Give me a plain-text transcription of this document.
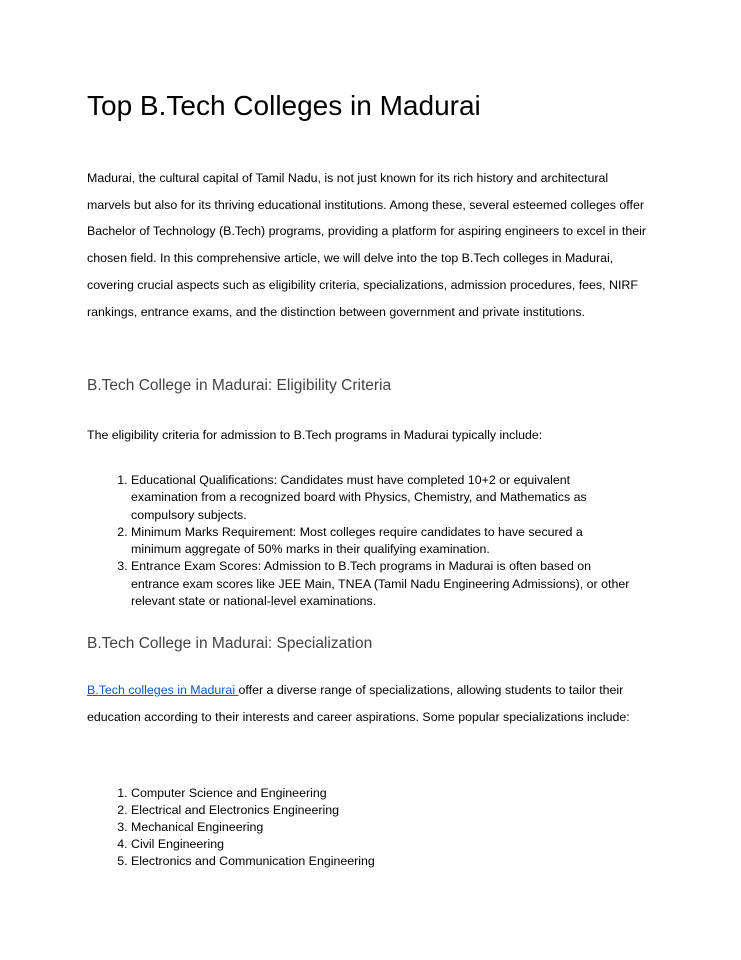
Top B.Tech Colleges in Madurai

Madurai, the cultural capital of Tamil Nadu, is not just known for its rich history and architectural marvels but also for its thriving educational institutions. Among these, several esteemed colleges offer Bachelor of Technology (B.Tech) programs, providing a platform for aspiring engineers to excel in their chosen field. In this comprehensive article, we will delve into the top B.Tech colleges in Madurai, covering crucial aspects such as eligibility criteria, specializations, admission procedures, fees, NIRF rankings, entrance exams, and the distinction between government and private institutions.

B.Tech College in Madurai: Eligibility Criteria

The eligibility criteria for admission to B.Tech programs in Madurai typically include:

1. Educational Qualifications: Candidates must have completed 10+2 or equivalent examination from a recognized board with Physics, Chemistry, and Mathematics as compulsory subjects.
2. Minimum Marks Requirement: Most colleges require candidates to have secured a minimum aggregate of 50% marks in their qualifying examination.
3. Entrance Exam Scores: Admission to B.Tech programs in Madurai is often based on entrance exam scores like JEE Main, TNEA (Tamil Nadu Engineering Admissions), or other relevant state or national-level examinations.
B.Tech College in Madurai: Specialization

B.Tech colleges in Madurai offer a diverse range of specializations, allowing students to tailor their education according to their interests and career aspirations. Some popular specializations include:

1. Computer Science and Engineering
2. Electrical and Electronics Engineering
3. Mechanical Engineering
4. Civil Engineering
5. Electronics and Communication Engineering
